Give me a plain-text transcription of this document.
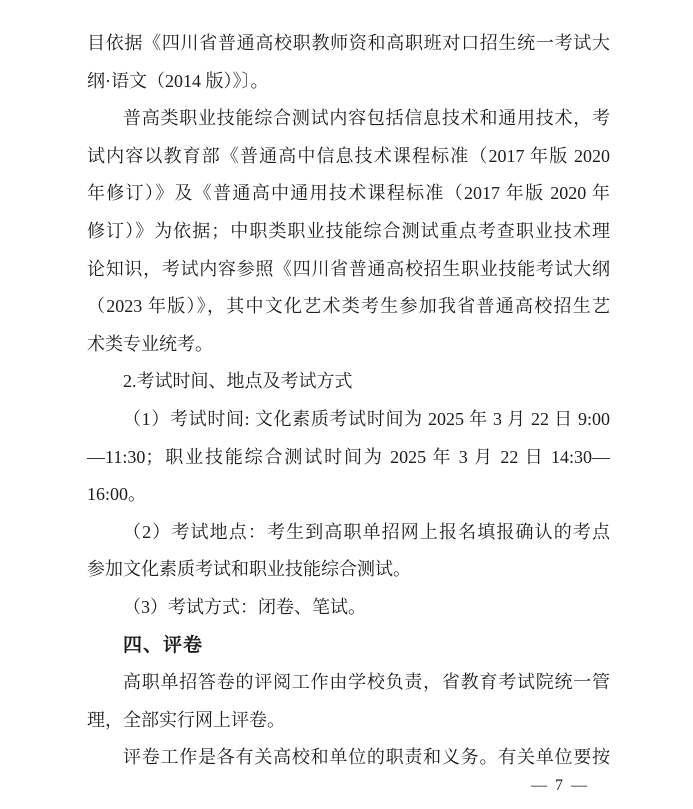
目依据《四川省普通高校职教师资和高职班对口招生统一考试大

纲·语文（2014 版）》〕。

普高类职业技能综合测试内容包括信息技术和通用技术，考

试内容以教育部《普通高中信息技术课程标准（2017 年版 2020

年修订）》及《普通高中通用技术课程标准（2017 年版 2020 年

修订）》为依据；中职类职业技能综合测试重点考查职业技术理

论知识，考试内容参照《四川省普通高校招生职业技能考试大纲

（2023 年版）》，其中文化艺术类考生参加我省普通高校招生艺

术类专业统考。

2.考试时间、地点及考试方式

（1）考试时间: 文化素质考试时间为 2025 年 3 月 22 日 9:00

—11:30；职业技能综合测试时间为 2025 年 3 月 22 日 14:30—

16:00。

（2）考试地点：考生到高职单招网上报名填报确认的考点

参加文化素质考试和职业技能综合测试。

（3）考试方式：闭卷、笔试。

四、评卷

高职单招答卷的评阅工作由学校负责，省教育考试院统一管

理，全部实行网上评卷。

评卷工作是各有关高校和单位的职责和义务。有关单位要按

— 7 —
